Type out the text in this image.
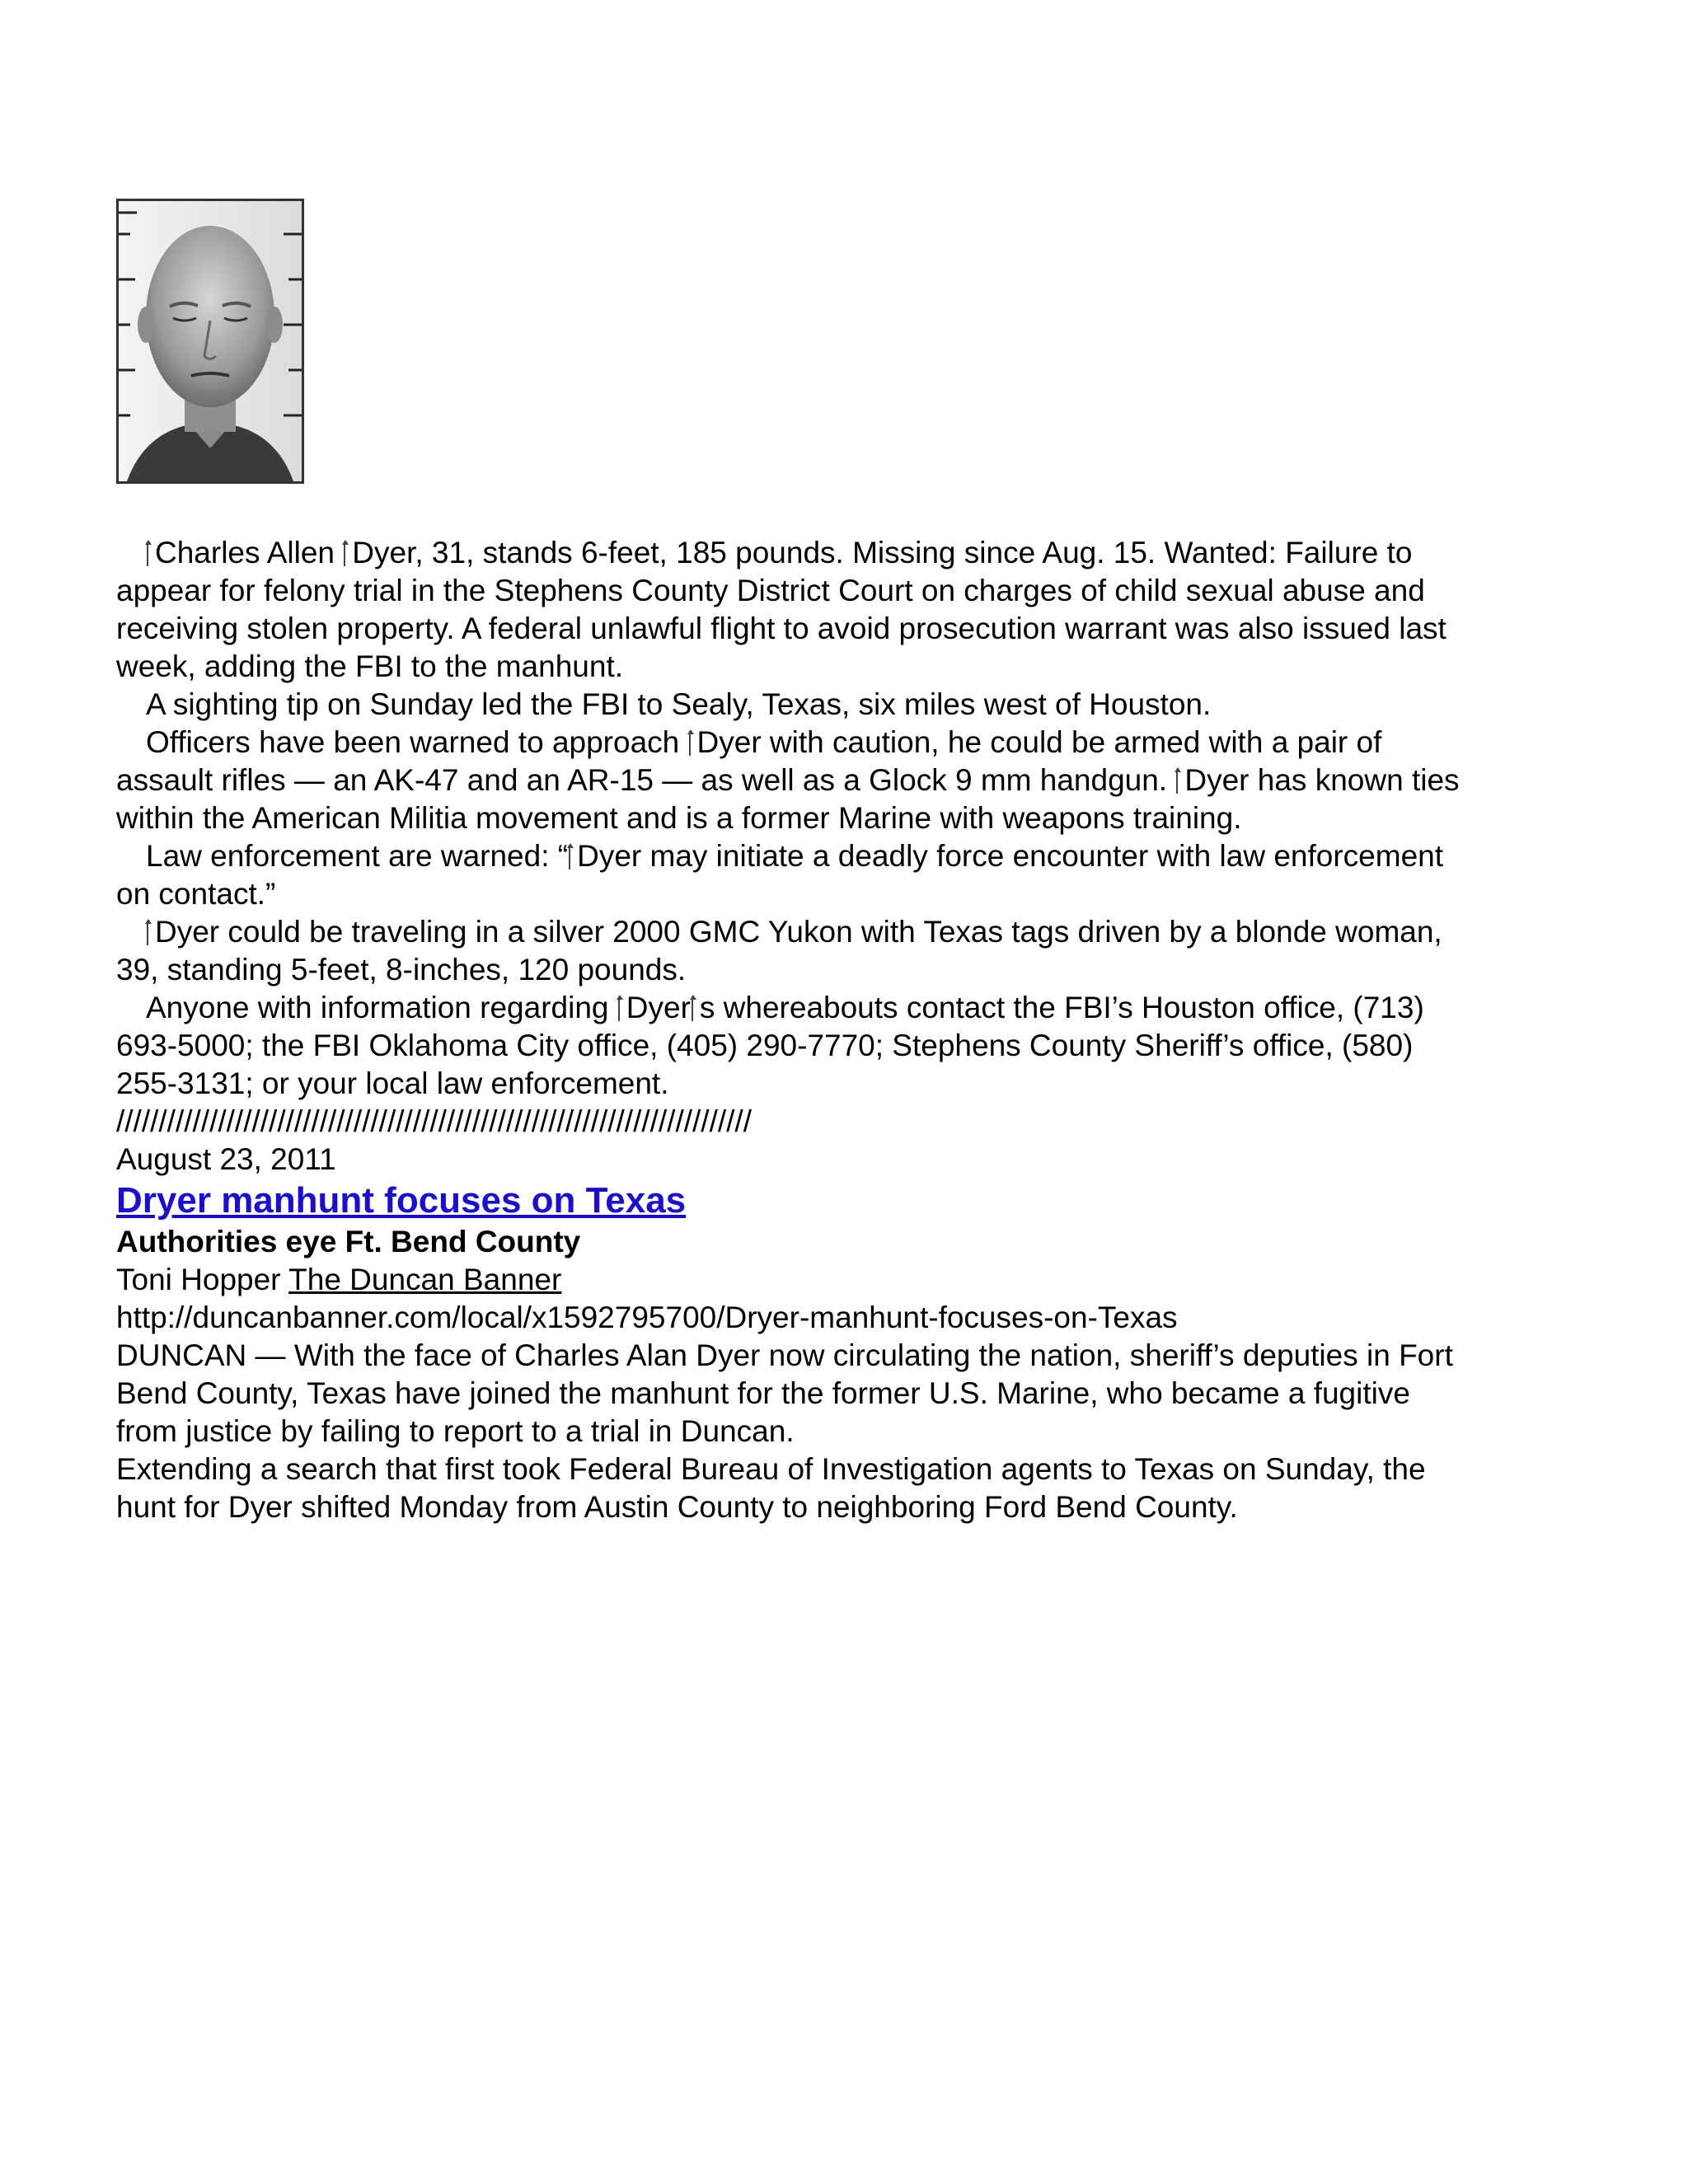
Charles Allen Dyer, 31, stands 6-feet, 185 pounds. Missing since Aug. 15. Wanted: Failure to appear for felony trial in the Stephens County District Court on charges of child sexual abuse and receiving stolen property. A federal unlawful flight to avoid prosecution warrant was also issued last week, adding the FBI to the manhunt.

A sighting tip on Sunday led the FBI to Sealy, Texas, six miles west of Houston.

Officers have been warned to approach Dyer with caution, he could be armed with a pair of assault rifles — an AK-47 and an AR-15 — as well as a Glock 9 mm handgun. Dyer has known ties within the American Militia movement and is a former Marine with weapons training.

Law enforcement are warned: “ Dyer may initiate a deadly force encounter with law enforcement on contact.”

Dyer could be traveling in a silver 2000 GMC Yukon with Texas tags driven by a blonde woman, 39, standing 5-feet, 8-inches, 120 pounds.

Anyone with information regarding Dyer s whereabouts contact the FBI’s Houston office, (713) 693-5000; the FBI Oklahoma City office, (405) 290-7770; Stephens County Sheriff’s office, (580) 255-3131; or your local law enforcement.

///////////////////////////////////////////////////////////////////////////

August 23, 2011

Dryer manhunt focuses on Texas

Authorities eye Ft. Bend County

Toni Hopper The Duncan Banner

http://duncanbanner.com/local/x1592795700/Dryer-manhunt-focuses-on-Texas

DUNCAN — With the face of Charles Alan Dyer now circulating the nation, sheriff’s deputies in Fort Bend County, Texas have joined the manhunt for the former U.S. Marine, who became a fugitive from justice by failing to report to a trial in Duncan.

Extending a search that first took Federal Bureau of Investigation agents to Texas on Sunday, the hunt for Dyer shifted Monday from Austin County to neighboring Ford Bend County.
